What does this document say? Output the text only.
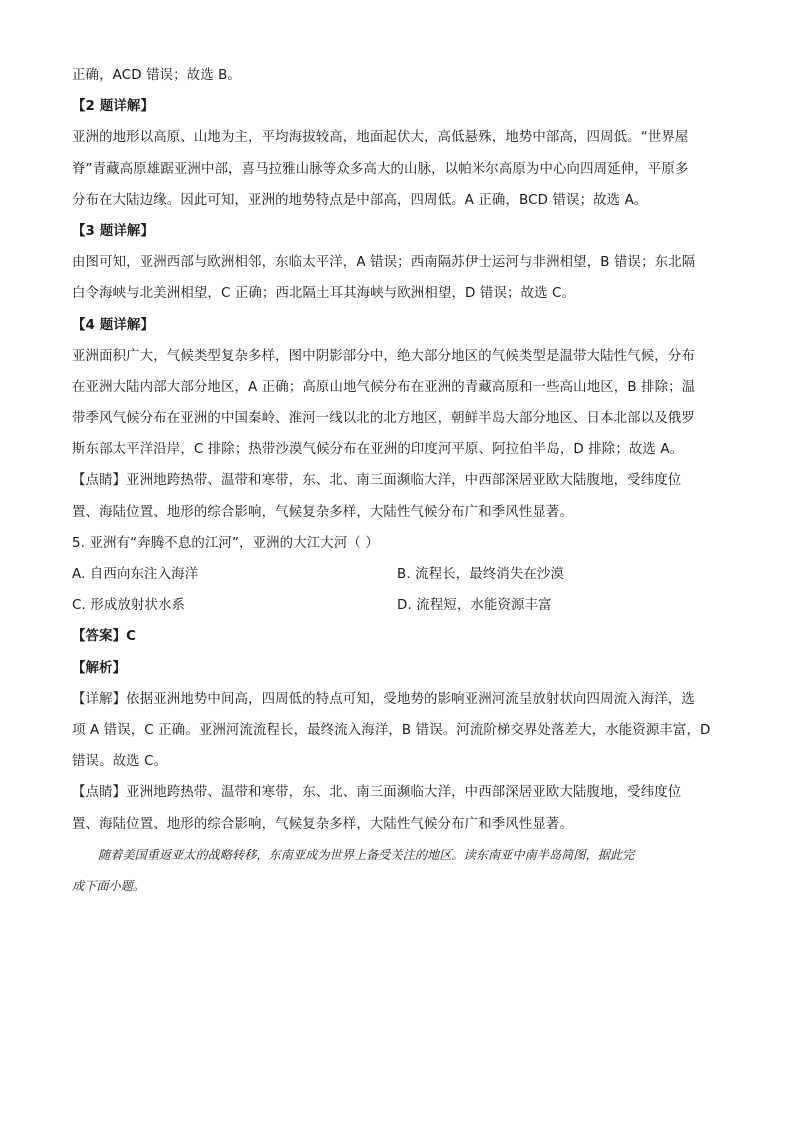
正确，ACD 错误；故选 B。
【2 题详解】
亚洲的地形以高原、山地为主，平均海拔较高，地面起伏大，高低悬殊，地势中部高，四周低。“世界屋
脊”青藏高原雄踞亚洲中部，喜马拉雅山脉等众多高大的山脉，以帕米尔高原为中心向四周延伸，平原多
分布在大陆边缘。因此可知，亚洲的地势特点是中部高，四周低。A 正确，BCD 错误；故选 A。
【3 题详解】
由图可知，亚洲西部与欧洲相邻，东临太平洋，A 错误；西南隔苏伊士运河与非洲相望，B 错误；东北隔
白令海峡与北美洲相望，C 正确；西北隔土耳其海峡与欧洲相望，D 错误；故选 C。
【4 题详解】
亚洲面积广大，气候类型复杂多样，图中阴影部分中，绝大部分地区的气候类型是温带大陆性气候，分布
在亚洲大陆内部大部分地区，A 正确；高原山地气候分布在亚洲的青藏高原和一些高山地区，B 排除；温
带季风气候分布在亚洲的中国秦岭、淮河一线以北的北方地区，朝鲜半岛大部分地区、日本北部以及俄罗
斯东部太平洋沿岸，C 排除；热带沙漠气候分布在亚洲的印度河平原、阿拉伯半岛，D 排除；故选 A。
【点睛】亚洲地跨热带、温带和寒带，东、北、南三面濒临大洋，中西部深居亚欧大陆腹地，受纬度位
置、海陆位置、地形的综合影响，气候复杂多样，大陆性气候分布广和季风性显著。
5. 亚洲有“奔腾不息的江河”，亚洲的大江大河（ ）
A. 自西向东注入海洋	B. 流程长，最终消失在沙漠
C. 形成放射状水系	D. 流程短，水能资源丰富
【答案】C
【解析】
【详解】依据亚洲地势中间高，四周低的特点可知，受地势的影响亚洲河流呈放射状向四周流入海洋，选
项 A 错误，C 正确。亚洲河流流程长，最终流入海洋，B 错误。河流阶梯交界处落差大，水能资源丰富，D
错误。故选 C。
【点睛】亚洲地跨热带、温带和寒带，东、北、南三面濒临大洋，中西部深居亚欧大陆腹地，受纬度位
置、海陆位置、地形的综合影响，气候复杂多样，大陆性气候分布广和季风性显著。
随着美国重返亚太的战略转移，东南亚成为世界上备受关注的地区。读东南亚中南半岛简图，据此完
成下面小题。
